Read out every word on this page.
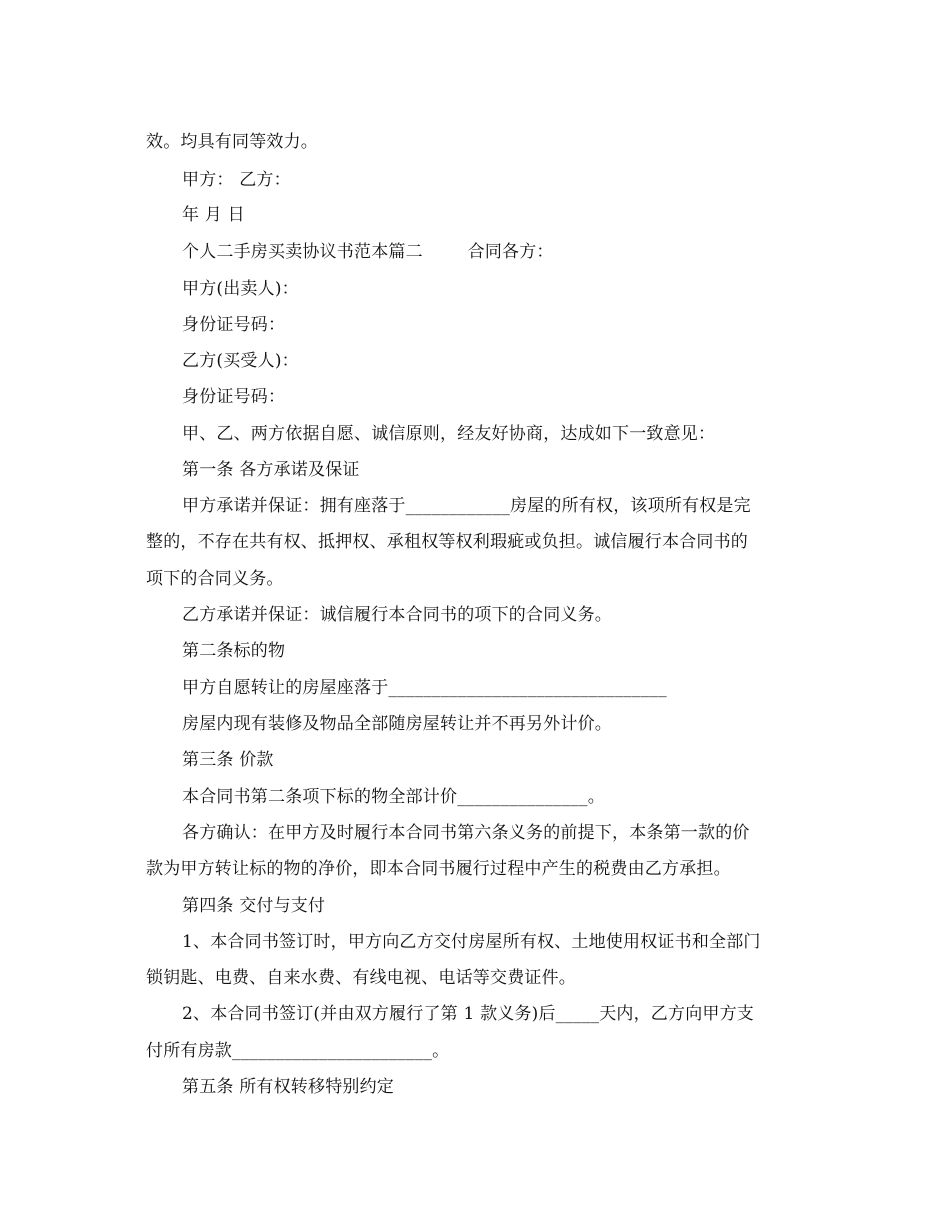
效。均具有同等效力。
甲方： 乙方：
年 月 日
个人二手房买卖协议书范本篇二        合同各方：
甲方(出卖人)：
身份证号码：
乙方(买受人)：
身份证号码：
甲、乙、两方依据自愿、诚信原则，经友好协商，达成如下一致意见：
第一条 各方承诺及保证
甲方承诺并保证：拥有座落于____________房屋的所有权，该项所有权是完
整的，不存在共有权、抵押权、承租权等权利瑕疵或负担。诚信履行本合同书的
项下的合同义务。
乙方承诺并保证：诚信履行本合同书的项下的合同义务。
第二条标的物
甲方自愿转让的房屋座落于________________________________
房屋内现有装修及物品全部随房屋转让并不再另外计价。
第三条 价款
本合同书第二条项下标的物全部计价_______________。
各方确认：在甲方及时履行本合同书第六条义务的前提下，本条第一款的价
款为甲方转让标的物的净价，即本合同书履行过程中产生的税费由乙方承担。
第四条 交付与支付
1、本合同书签订时，甲方向乙方交付房屋所有权、土地使用权证书和全部门
锁钥匙、电费、自来水费、有线电视、电话等交费证件。
2、本合同书签订(并由双方履行了第 1 款义务)后_____天内，乙方向甲方支
付所有房款_______________________。
第五条 所有权转移特别约定
